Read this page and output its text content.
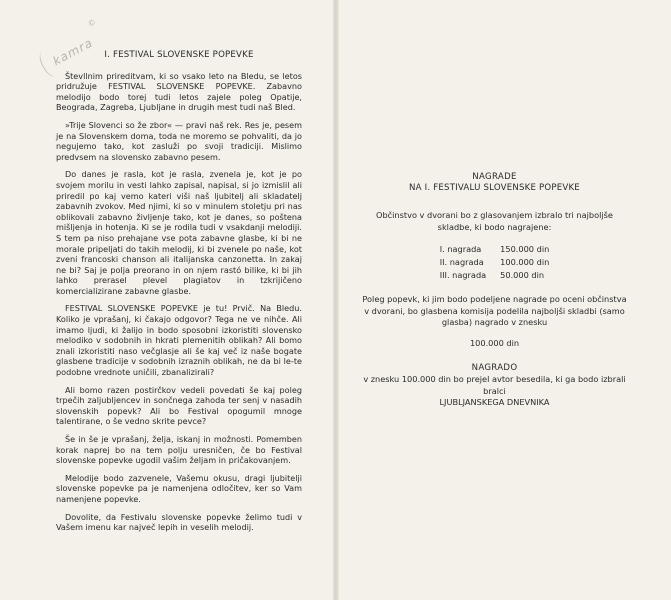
kamra
©
I. FESTIVAL SLOVENSKE POPEVKE

Števllnim prireditvam, ki so vsako leto na Bledu, se letos pridružuje FESTIVAL SLOVENSKE POPEVKE. Zabavno melodijo bodo torej tudi letos zajele poleg Opatije, Beograda, Zagreba, Ljubljane in drugih mest tudi naš Bled.

»Trije Slovenci so že zbor« — pravi naš rek. Res je, pesem je na Slovenskem doma, toda ne moremo se pohvaliti, da jo negujemo tako, kot zasluži po svoji tradiciji. Mislimo predvsem na slovensko zabavno pesem.

Do danes je rasla, kot je rasla, zvenela je, kot je po svojem morilu in vesti lahko zapisal, napisal, si jo izmislil ali priredil po kaj vemo kateri viši naš ljubitelj ali skladatelj zabavnih zvokov. Med njimi, ki so v minulem stoletju pri nas oblikovali zabavno življenje tako, kot je danes, so poštena mišljenja in hotenja. Ki se je rodila tudi v vsakdanji melodiji. S tem pa niso prehajane vse pota zabavne glasbe, ki bi ne morale pripeljati do takih melodij, ki bi zvenele po naše, kot zveni francoski chanson ali italijanska canzonetta. In zakaj ne bi? Saj je polja preorano in on njem rastó bilike, ki bi jih lahko prerasel plevel plagiatov in tzkrijičeno komercializirane zabavne glasbe.

FESTIVAL SLOVENSKE POPEVKE je tu! Prvič. Na Bledu. Koliko je vprašanj, ki čakajo odgovor? Tega ne ve nihče. Ali imamo ljudi, ki žalijo in bodo sposobni izkoristiti slovensko melodiko v sodobnih in hkrati plemenitih oblikah? Ali bomo znali izkoristiti naso večglasje ali še kaj več iz naše bogate glasbene tradicije v sodobnih izraznih oblikah, ne da bi le-te podobne vrednote uničili, zbanalizirali?

Ali bomo razen postirčkov vedeli povedati še kaj poleg trpečih zaljubljencev in sončnega zahoda ter senj v nasadih slovenskih popevk? Ali bo Festival opogumil mnoge talentirane, o še vedno skrite pevce?

Še in še je vprašanj, želja, iskanj in možnosti. Pomemben korak naprej bo na tem polju uresničen, če bo Festival slovenske popevke ugodil vašim željam in pričakovanjem.

Melodije bodo zazvenele, Vašemu okusu, dragi ljubitelji slovenske popevke pa je namenjena odločitev, ker so Vam namenjene popevke.

Dovolite, da Festivalu slovenske popevke želimo tudi v Vašem imenu kar največ lepih in veselih melodij.

NAGRADE
NA I. FESTIVALU SLOVENSKE POPEVKE

Občinstvo v dvorani bo z glasovanjem izbralo tri najboljše skladbe, ki bodo nagrajene:

I. nagrada	150.000 din
II. nagrada	100.000 din
III. nagrada	50.000 din

Poleg popevk, ki jim bodo podeljene nagrade po oceni občinstva v dvorani, bo glasbena komisija podelila najboljši skladbi (samo glasba) nagrado v znesku

100.000 din

NAGRADO

v znesku 100.000 din bo prejel avtor besedila, ki ga bodo izbrali bralci

LJUBLJANSKEGA DNEVNIKA
